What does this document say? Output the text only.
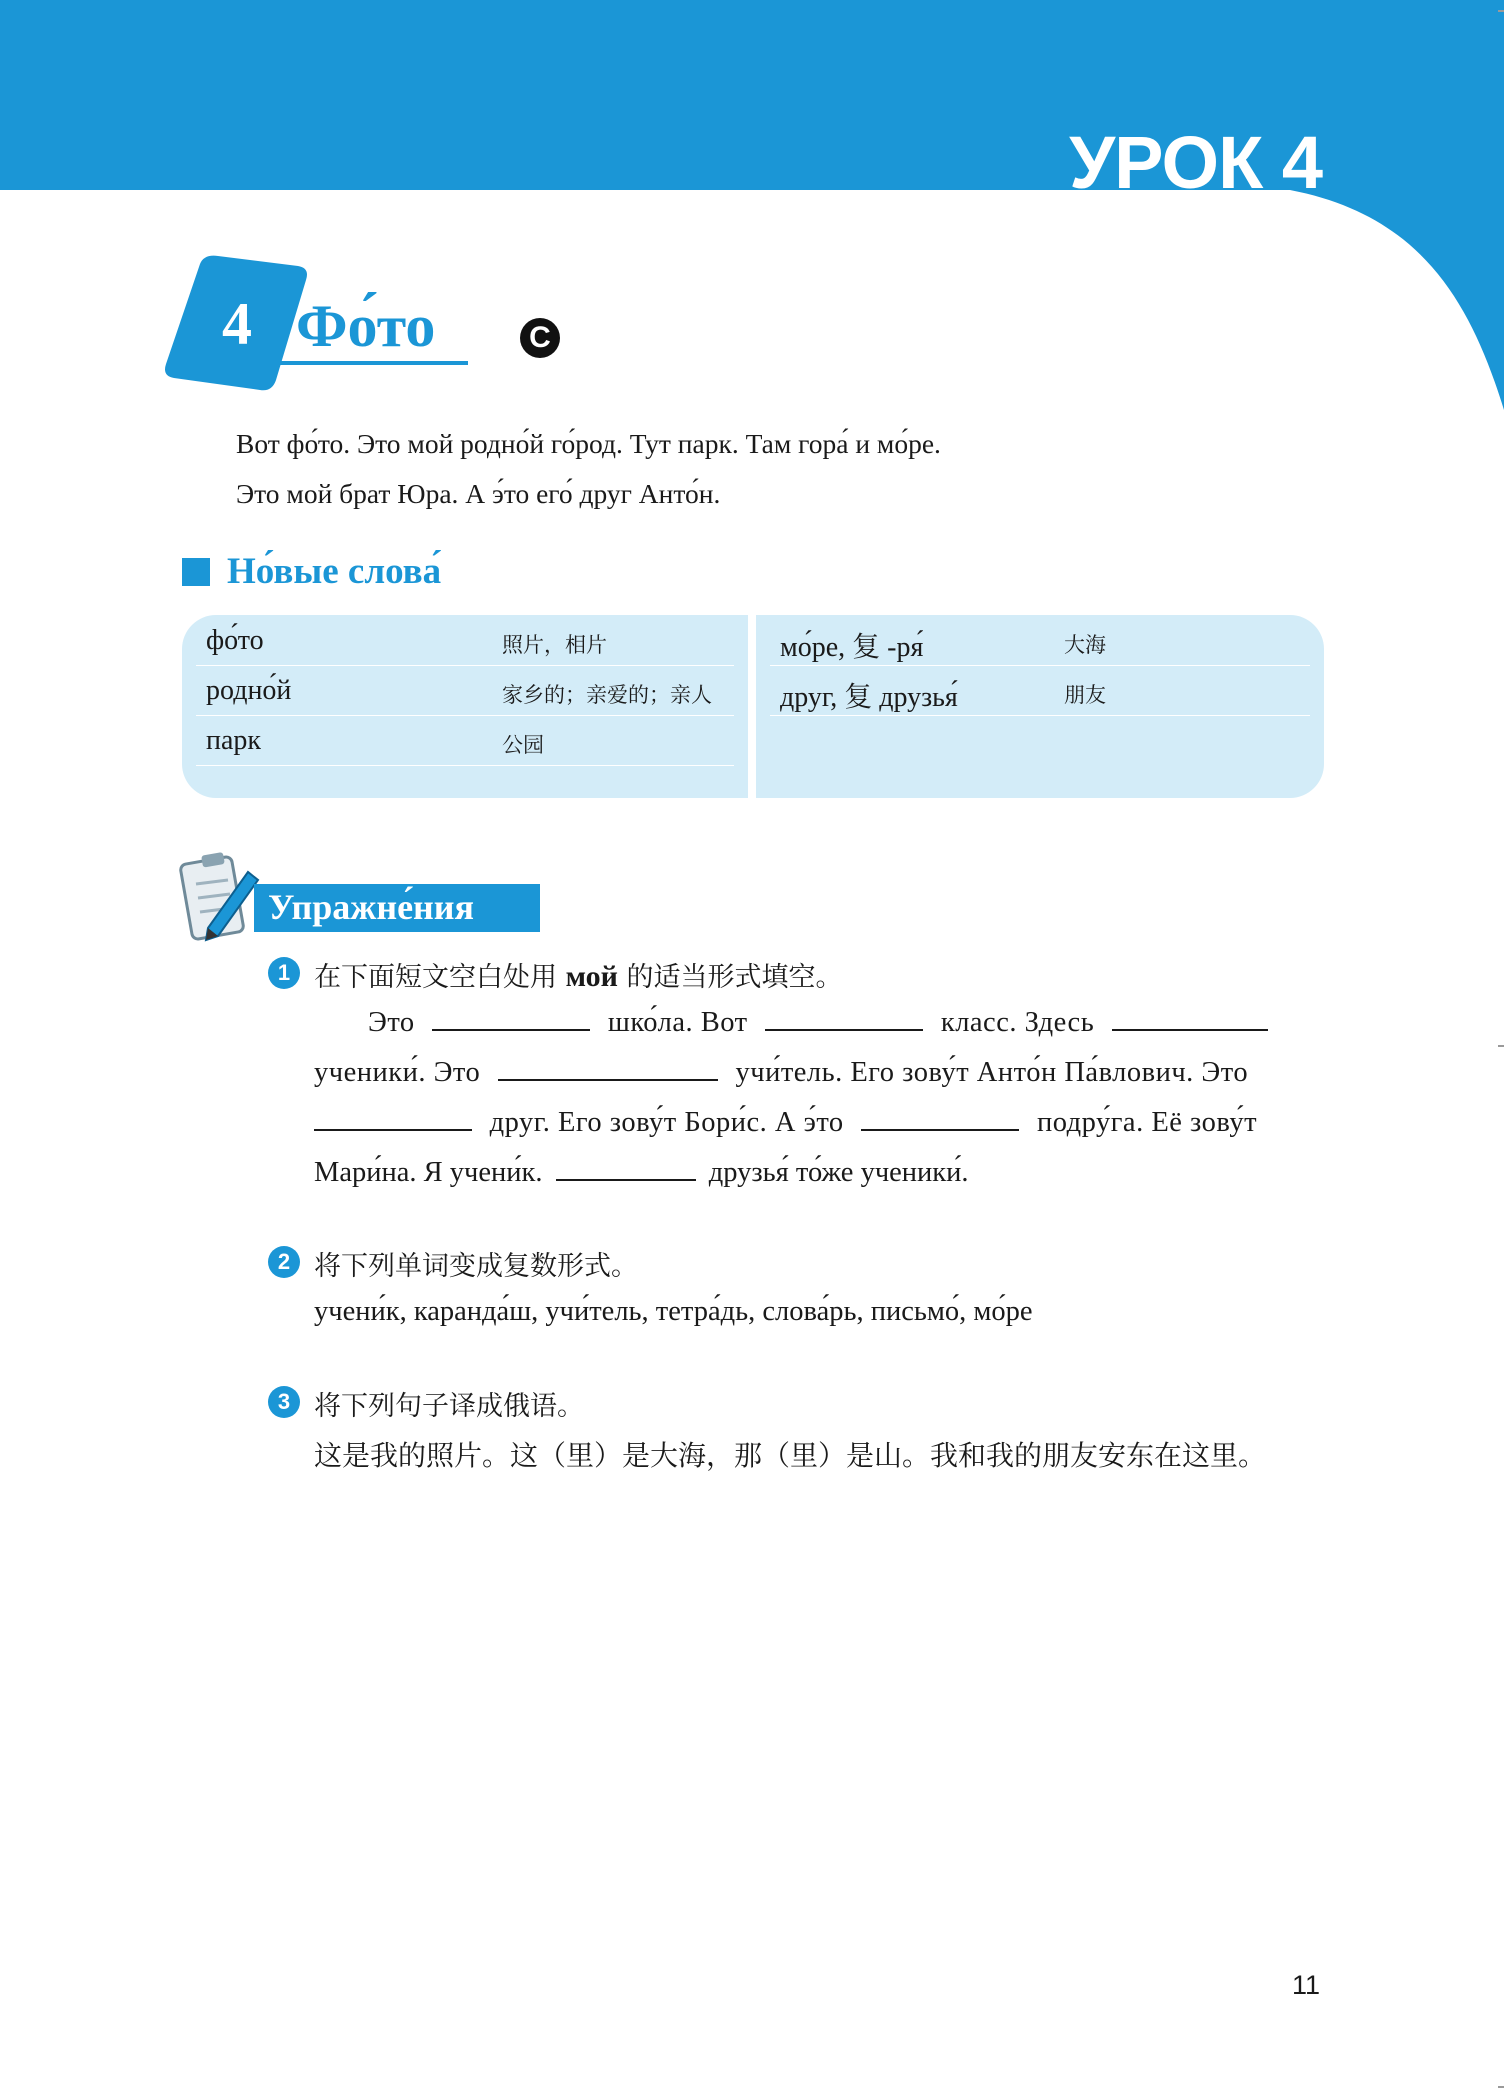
УРОК 4
4 Фо́то	C
Вот фо́то. Это мой родно́й го́род. Тут парк. Там гора́ и мо́ре.
Это мой брат Юра. А э́то его́ друг Анто́н.
Но́вые слова́
фо́то	照片，相片
родно́й	家乡的；亲爱的；亲人
парк	公园
мо́ре, 复 -ря́	大海
друг, 复 друзья́	朋友
Упражне́ния
1 在下面短文空白处用 мой 的适当形式填空。
Это	шко́ла. Вот	класс. Здесь
ученики́. Это	учи́тель. Его зову́т Анто́н Па́влович. Это
друг. Его зову́т Бори́с. А э́то	подру́га. Её зову́т
Мари́на. Я учени́к.	друзья́ то́же ученики́.
2 将下列单词变成复数形式。
учени́к, каранда́ш, учи́тель, тетра́дь, слова́рь, письмо́, мо́ре
3 将下列句子译成俄语。
这是我的照片。这（里）是大海，那（里）是山。我和我的朋友安东在这里。
11
